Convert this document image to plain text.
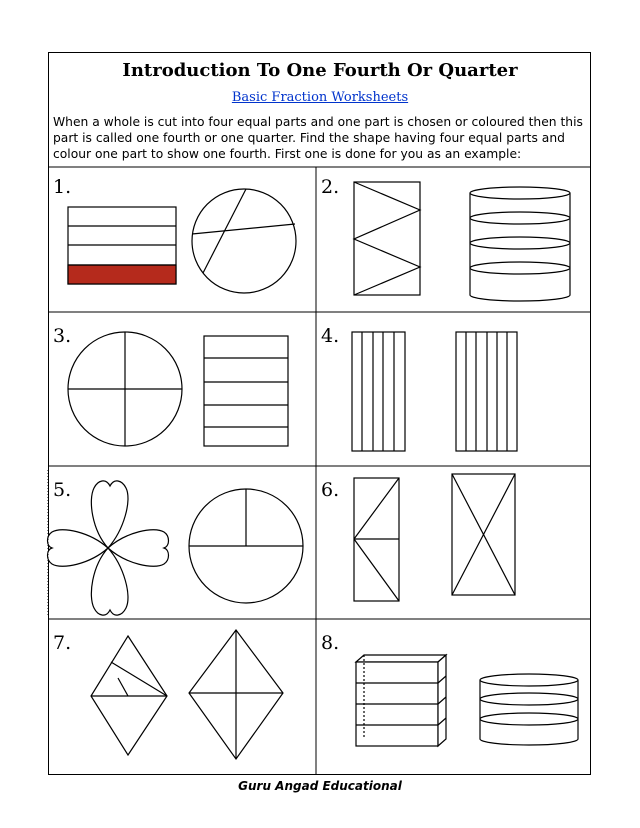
Introduction To One Fourth Or Quarter
Basic Fraction Worksheets
When a whole is cut into four equal parts and one part is chosen or coloured then this part is called one fourth or one quarter. Find the shape having four equal parts and colour one part to show one fourth. First one is done for you as an example:
1.	2.
3.	4.
5.	6.
7.	8.
Guru Angad Educational
